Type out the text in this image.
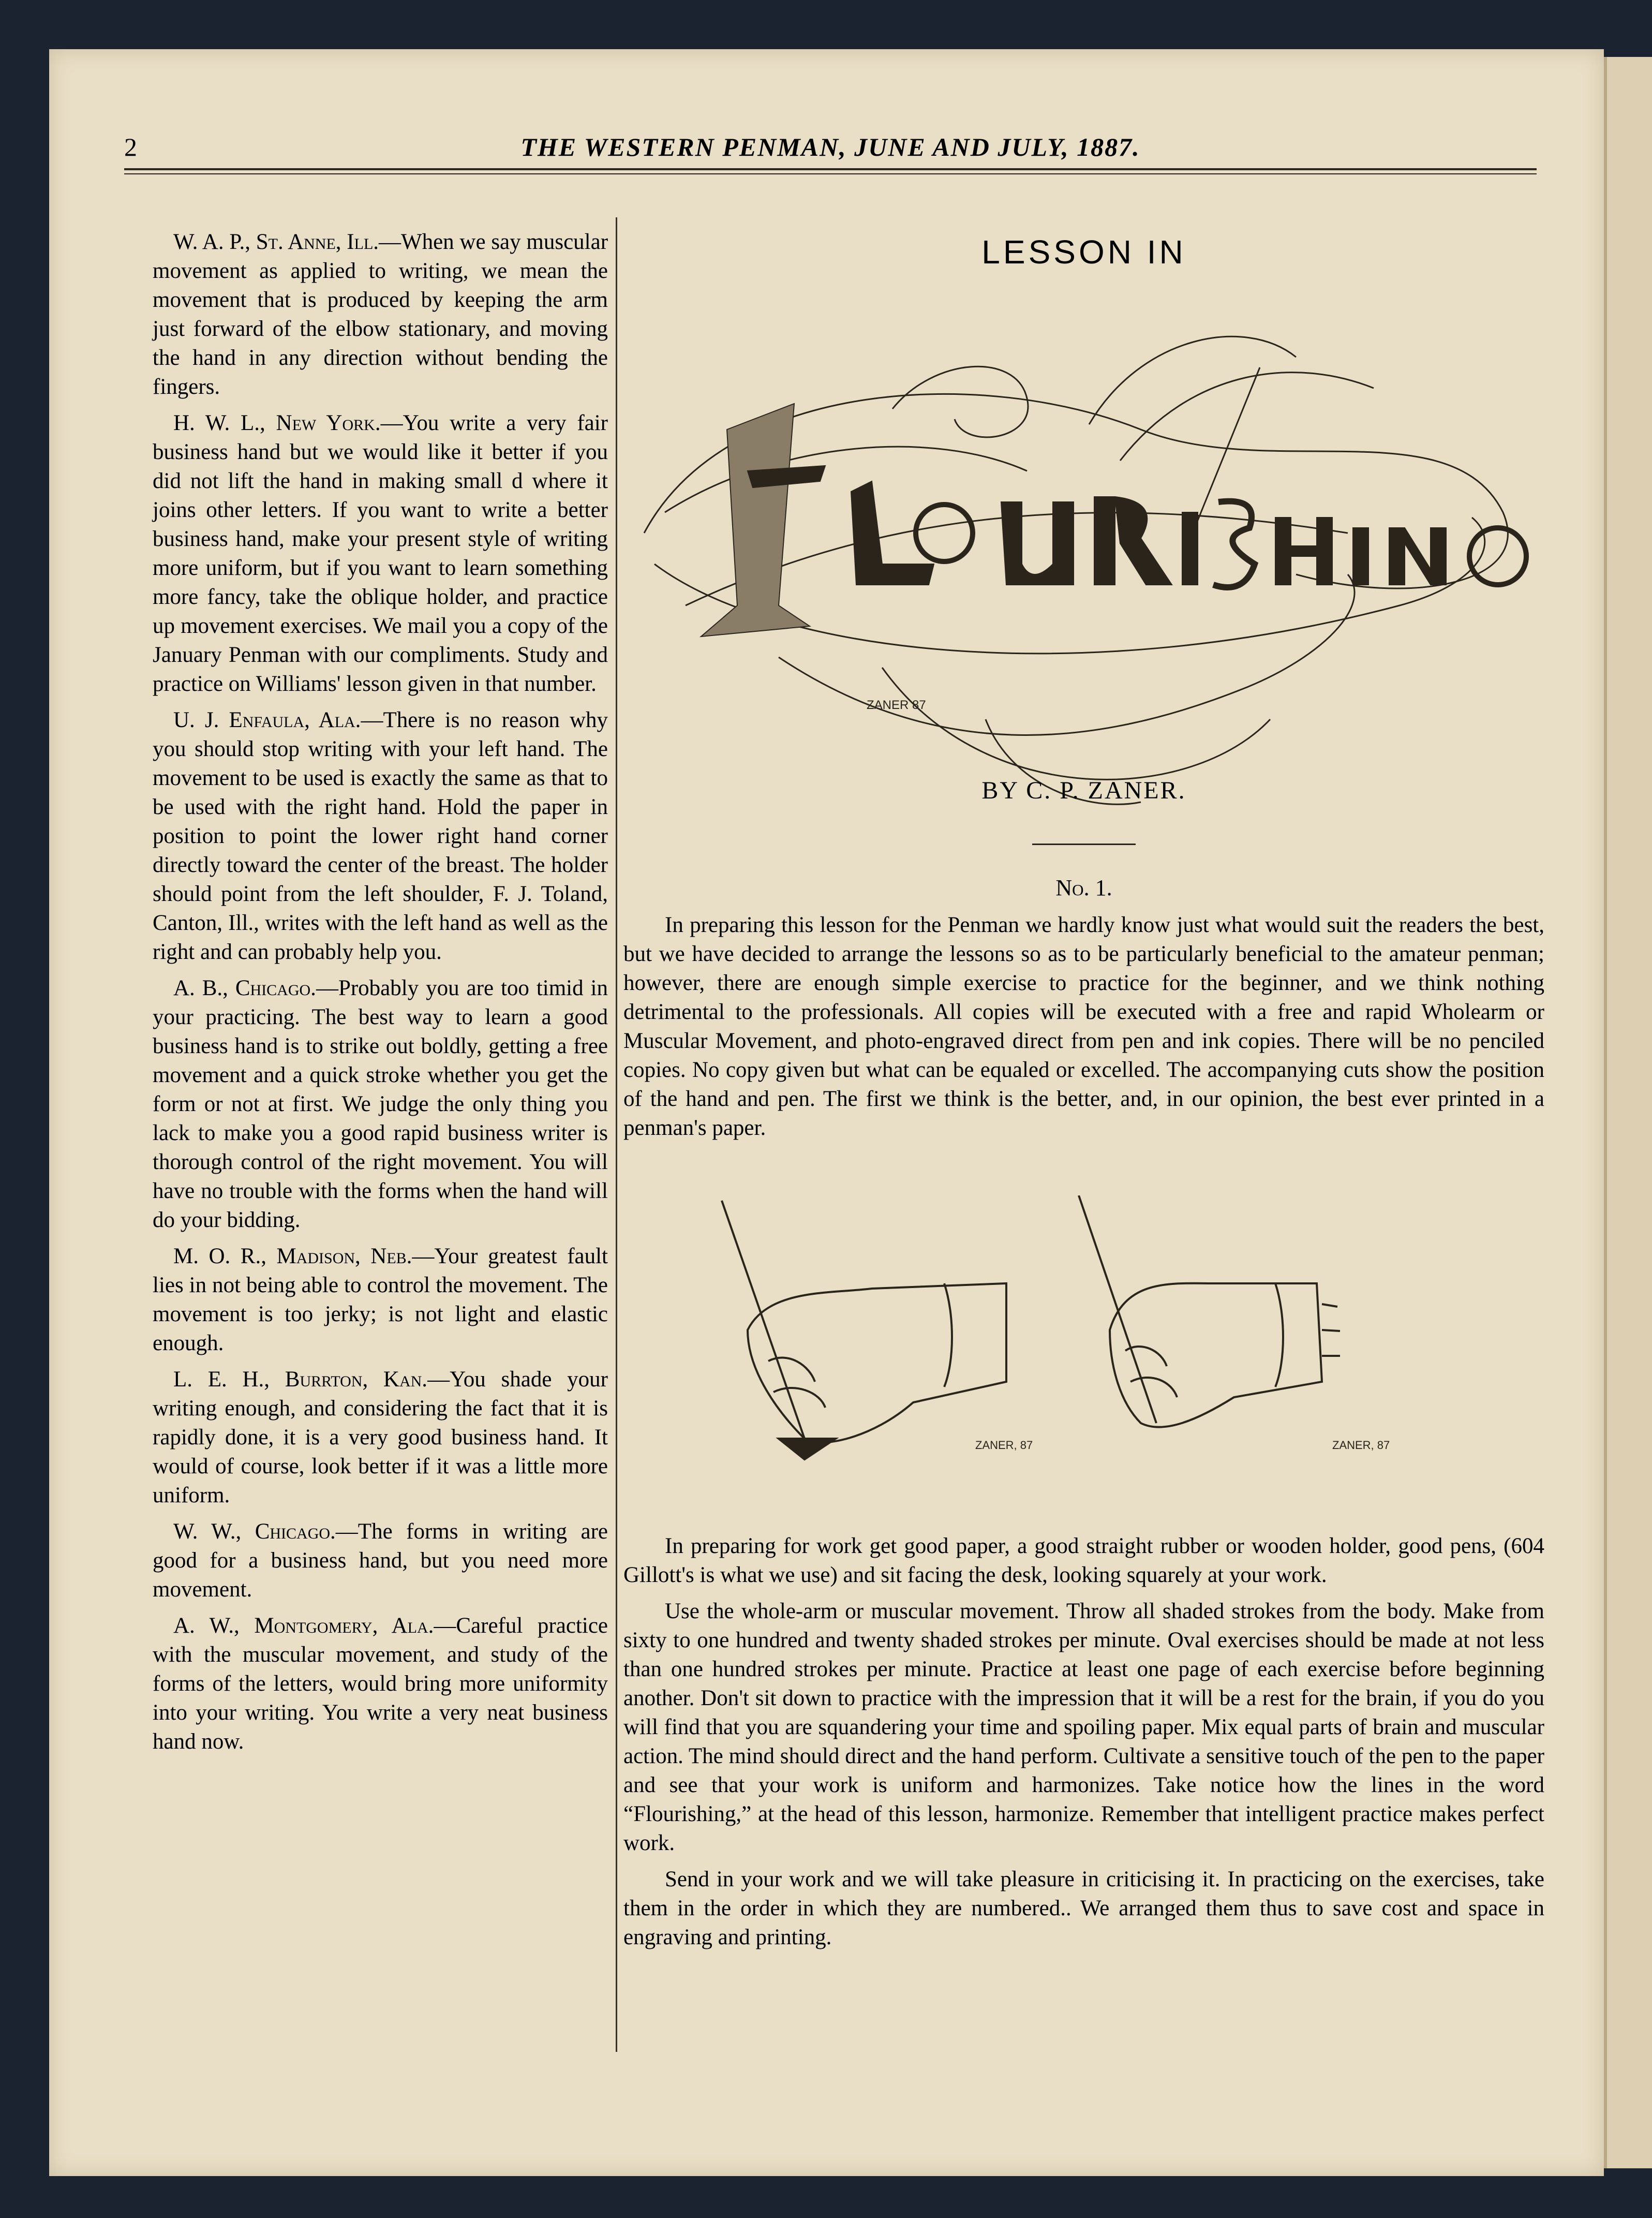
2	THE WESTERN PENMAN, JUNE AND JULY, 1887.

W. A. P., St. Anne, Ill.—When we say muscular movement as applied to writing, we mean the movement that is produced by keeping the arm just forward of the elbow stationary, and moving the hand in any direction without bending the fingers.

H. W. L., New York.—You write a very fair business hand but we would like it better if you did not lift the hand in making small d where it joins other letters. If you want to write a better business hand, make your present style of writing more uniform, but if you want to learn something more fancy, take the oblique holder, and practice up movement exercises. We mail you a copy of the January Penman with our compliments. Study and practice on Williams' lesson given in that number.

U. J. Enfaula, Ala.—There is no reason why you should stop writing with your left hand. The movement to be used is exactly the same as that to be used with the right hand. Hold the paper in position to point the lower right hand corner directly toward the center of the breast. The holder should point from the left shoulder, F. J. Toland, Canton, Ill., writes with the left hand as well as the right and can probably help you.

A. B., Chicago.—Probably you are too timid in your practicing. The best way to learn a good business hand is to strike out boldly, getting a free movement and a quick stroke whether you get the form or not at first. We judge the only thing you lack to make you a good rapid business writer is thorough control of the right movement. You will have no trouble with the forms when the hand will do your bidding.

M. O. R., Madison, Neb.—Your greatest fault lies in not being able to control the movement. The movement is too jerky; is not light and elastic enough.

L. E. H., Burrton, Kan.—You shade your writing enough, and considering the fact that it is rapidly done, it is a very good business hand. It would of course, look better if it was a little more uniform.

W. W., Chicago.—The forms in writing are good for a business hand, but you need more movement.

A. W., Montgomery, Ala.—Careful practice with the muscular movement, and study of the forms of the letters, would bring more uniformity into your writing. You write a very neat business hand now.

LESSON IN
ZANER 87
BY C. P. ZANER.
No. 1.

In preparing this lesson for the Penman we hardly know just what would suit the readers the best, but we have decided to arrange the lessons so as to be particularly beneficial to the amateur penman; however, there are enough simple exercise to practice for the beginner, and we think nothing detrimental to the professionals. All copies will be executed with a free and rapid Wholearm or Muscular Movement, and photo-engraved direct from pen and ink copies. There will be no penciled copies. No copy given but what can be equaled or excelled. The accompanying cuts show the position of the hand and pen. The first we think is the better, and, in our opinion, the best ever printed in a penman's paper.

ZANER, 87	ZANER, 87

In preparing for work get good paper, a good straight rubber or wooden holder, good pens, (604 Gillott's is what we use) and sit facing the desk, looking squarely at your work.

Use the whole-arm or muscular movement. Throw all shaded strokes from the body. Make from sixty to one hundred and twenty shaded strokes per minute. Oval exercises should be made at not less than one hundred strokes per minute. Practice at least one page of each exercise before beginning another. Don't sit down to practice with the impression that it will be a rest for the brain, if you do you will find that you are squandering your time and spoiling paper. Mix equal parts of brain and muscular action. The mind should direct and the hand perform. Cultivate a sensitive touch of the pen to the paper and see that your work is uniform and harmonizes. Take notice how the lines in the word “Flourishing,” at the head of this lesson, harmonize. Remember that intelligent practice makes perfect work.

Send in your work and we will take pleasure in criticising it. In practicing on the exercises, take them in the order in which they are numbered.. We arranged them thus to save cost and space in engraving and printing.
